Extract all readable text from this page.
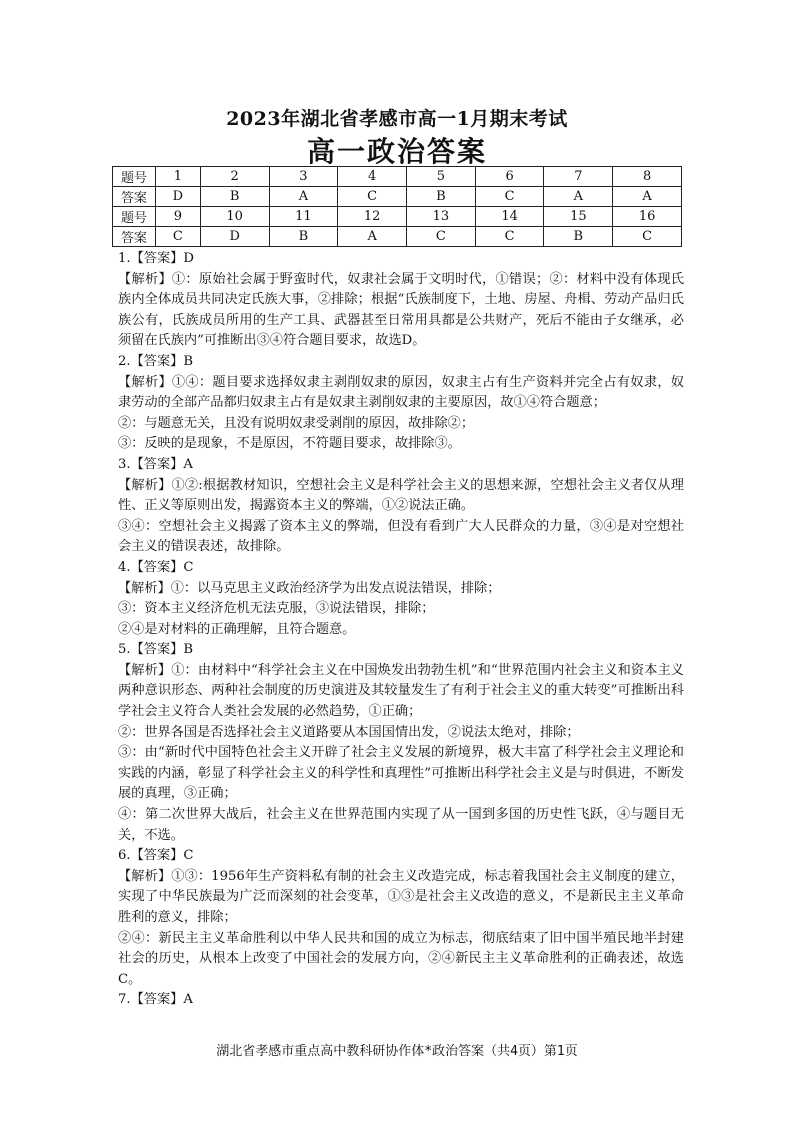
2023年湖北省孝感市高一1月期末考试
高一政治答案
题号	1	2	3	4	5	6	7	8
答案	D	B	A	C	B	C	A	A
题号	9	10	11	12	13	14	15	16
答案	C	D	B	A	C	C	B	C

1.【答案】D

【解析】①：原始社会属于野蛮时代，奴隶社会属于文明时代，①错误；②：材料中没有体现氏族内全体成员共同决定氏族大事，②排除；根据“氏族制度下，土地、房屋、舟楫、劳动产品归氏族公有，氏族成员所用的生产工具、武器甚至日常用具都是公共财产，死后不能由子女继承，必须留在氏族内”可推断出③④符合题目要求，故选D。

2.【答案】B

【解析】①④：题目要求选择奴隶主剥削奴隶的原因，奴隶主占有生产资料并完全占有奴隶，奴隶劳动的全部产品都归奴隶主占有是奴隶主剥削奴隶的主要原因，故①④符合题意；

②：与题意无关，且没有说明奴隶受剥削的原因，故排除②；

③：反映的是现象，不是原因，不符题目要求，故排除③。

3.【答案】A

【解析】①②:根据教材知识，空想社会主义是科学社会主义的思想来源，空想社会主义者仅从理性、正义等原则出发，揭露资本主义的弊端，①②说法正确。

③④：空想社会主义揭露了资本主义的弊端，但没有看到广大人民群众的力量，③④是对空想社会主义的错误表述，故排除。

4.【答案】C

【解析】①：以马克思主义政治经济学为出发点说法错误，排除；

③：资本主义经济危机无法克服，③说法错误，排除；

②④是对材料的正确理解，且符合题意。

5.【答案】B

【解析】①：由材料中“科学社会主义在中国焕发出勃勃生机”和“世界范围内社会主义和资本主义两种意识形态、两种社会制度的历史演进及其较量发生了有利于社会主义的重大转变”可推断出科学社会主义符合人类社会发展的必然趋势，①正确；

②：世界各国是否选择社会主义道路要从本国国情出发，②说法太绝对，排除；

③：由“新时代中国特色社会主义开辟了社会主义发展的新境界，极大丰富了科学社会主义理论和实践的内涵，彰显了科学社会主义的科学性和真理性”可推断出科学社会主义是与时俱进，不断发展的真理，③正确；

④：第二次世界大战后，社会主义在世界范围内实现了从一国到多国的历史性飞跃，④与题目无关，不选。

6.【答案】C

【解析】①③：1956年生产资料私有制的社会主义改造完成，标志着我国社会主义制度的建立，实现了中华民族最为广泛而深刻的社会变革，①③是社会主义改造的意义，不是新民主主义革命胜利的意义，排除；

②④：新民主主义革命胜利以中华人民共和国的成立为标志，彻底结束了旧中国半殖民地半封建社会的历史，从根本上改变了中国社会的发展方向，②④新民主主义革命胜利的正确表述，故选C。

7.【答案】A

湖北省孝感市重点高中教科研协作体*政治答案（共4页）第1页
